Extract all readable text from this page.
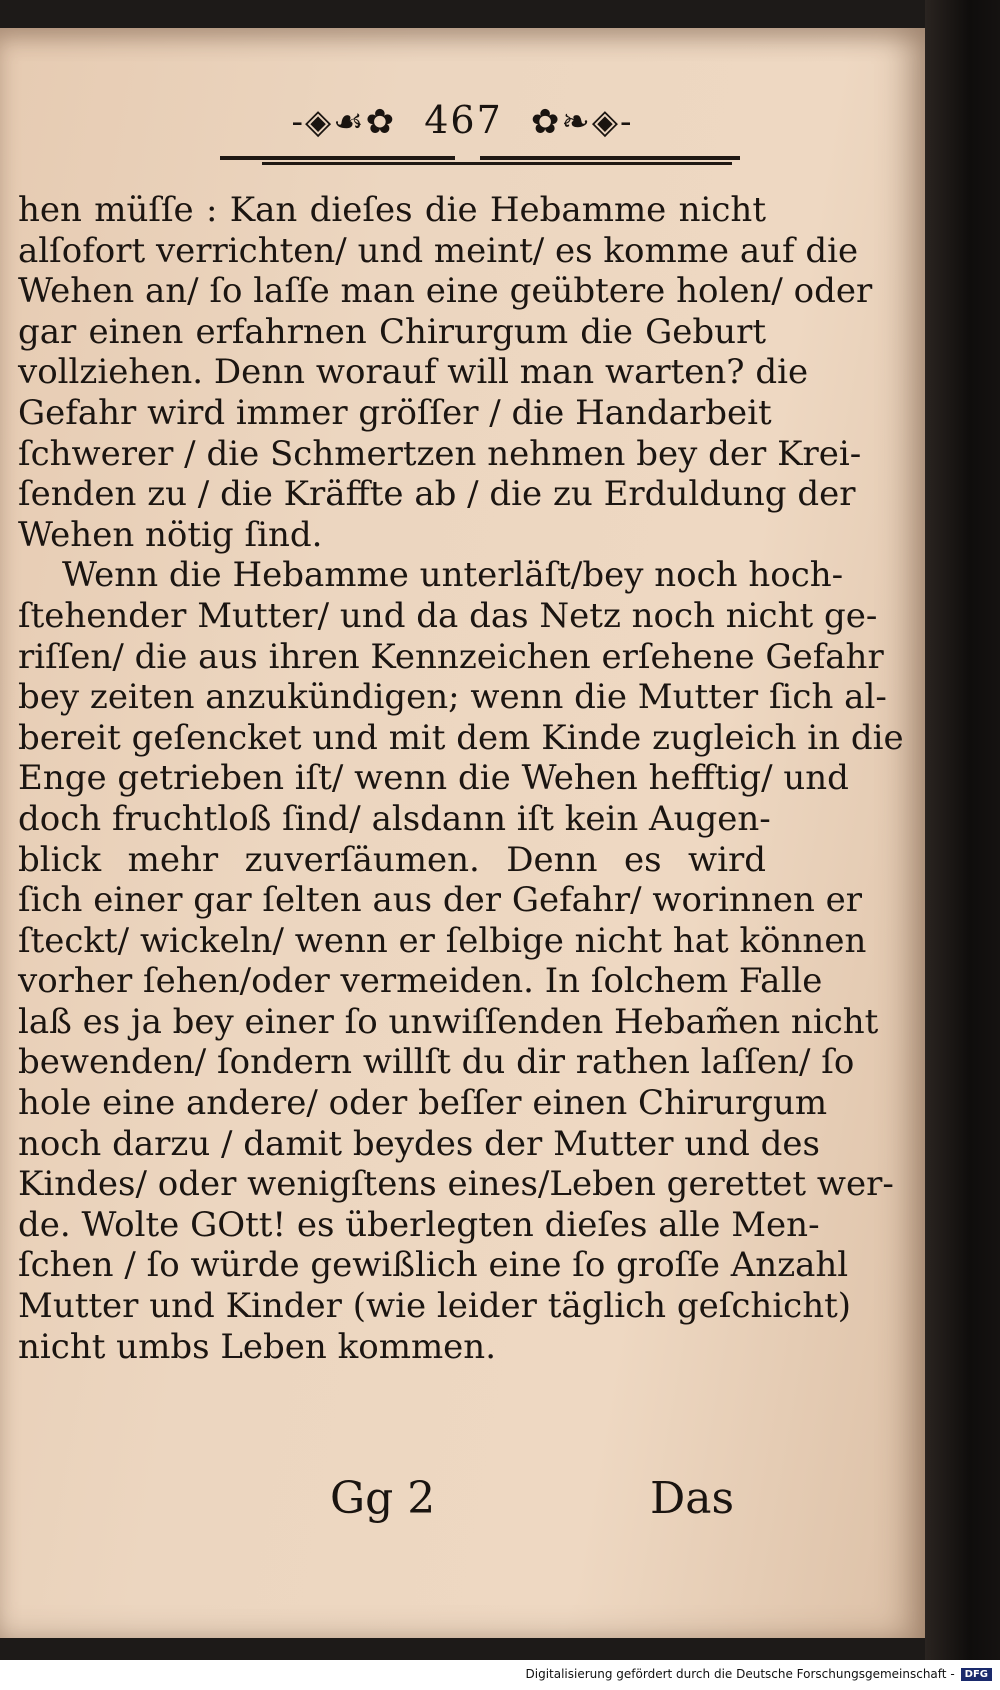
-◈☙✿ 467 ✿❧◈-
hen müſſe : Kan dieſes die Hebamme nicht
alſofort verrichten/ und meint/ es komme auf die
Wehen an/ ſo laſſe man eine geübtere holen/ oder
gar einen erfahrnen Chirurgum die Geburt
vollziehen. Denn worauf will man warten? die
Gefahr wird immer gröſſer / die Handarbeit
ſchwerer / die Schmertzen nehmen bey der Krei-
ſenden zu / die Kräffte ab / die zu Erduldung der
Wehen nötig ſind.
Wenn die Hebamme unterläſt/bey noch hoch-
ſtehender Mutter/ und da das Netz noch nicht ge-
riſſen/ die aus ihren Kennzeichen erſehene Gefahr
bey zeiten anzukündigen; wenn die Mutter ſich al-
bereit geſencket und mit dem Kinde zugleich in die
Enge getrieben iſt/ wenn die Wehen hefftig/ und
doch fruchtloß ſind/ alsdann iſt kein Augen-
blick mehr zuverſäumen. Denn es wird
ſich einer gar ſelten aus der Gefahr/ worinnen er
ſteckt/ wickeln/ wenn er ſelbige nicht hat können
vorher ſehen/oder vermeiden. In ſolchem Falle
laß es ja bey einer ſo unwiſſenden Hebam̃en nicht
bewenden/ ſondern willſt du dir rathen laſſen/ ſo
hole eine andere/ oder beſſer einen Chirurgum
noch darzu / damit beydes der Mutter und des
Kindes/ oder wenigſtens eines/Leben gerettet wer-
de. Wolte GOtt! es überlegten dieſes alle Men-
ſchen / ſo würde gewißlich eine ſo groſſe Anzahl
Mutter und Kinder (wie leider täglich geſchicht)
nicht umbs Leben kommen.
Gg 2	Das
Digitalisierung gefördert durch die Deutsche Forschungsgemeinschaft -	DFG
